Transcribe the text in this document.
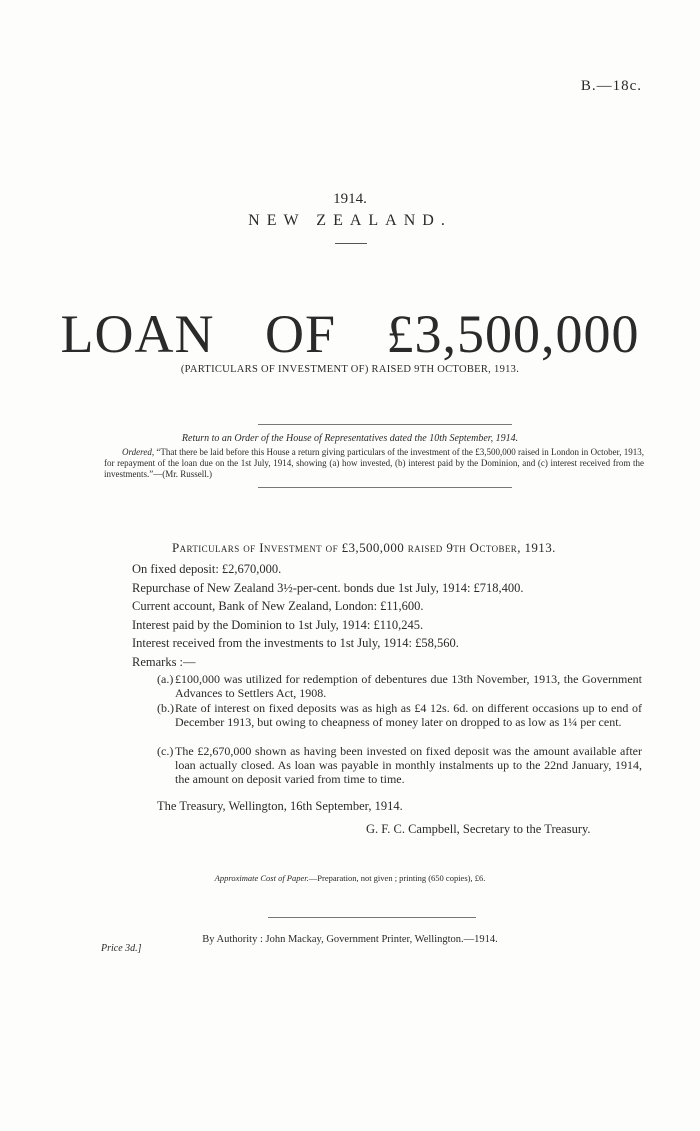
B.—18c.
1914.
NEW ZEALAND.
LOAN OF £3,500,000
(PARTICULARS OF INVESTMENT OF) RAISED 9TH OCTOBER, 1913.
Return to an Order of the House of Representatives dated the 10th September, 1914.
Ordered, “That there be laid before this House a return giving particulars of the investment of the £3,500,000 raised in London in October, 1913, for repayment of the loan due on the 1st July, 1914, showing (a) how invested, (b) interest paid by the Dominion, and (c) interest received from the investments.”—(Mr. Russell.)
Particulars of Investment of £3,500,000 raised 9th October, 1913.
On fixed deposit: £2,670,000.
Repurchase of New Zealand 3½-per-cent. bonds due 1st July, 1914: £718,400.
Current account, Bank of New Zealand, London: £11,600.
Interest paid by the Dominion to 1st July, 1914: £110,245.
Interest received from the investments to 1st July, 1914: £58,560.
Remarks :—
(a.) £100,000 was utilized for redemption of debentures due 13th November, 1913, the Government Advances to Settlers Act, 1908.
(b.) Rate of interest on fixed deposits was as high as £4 12s. 6d. on different occasions up to end of December 1913, but owing to cheapness of money later on dropped to as low as 1¼ per cent.
(c.) The £2,670,000 shown as having been invested on fixed deposit was the amount available after loan actually closed. As loan was payable in monthly instalments up to the 22nd January, 1914, the amount on deposit varied from time to time.
The Treasury, Wellington, 16th September, 1914.
G. F. C. Campbell, Secretary to the Treasury.
Approximate Cost of Paper.—Preparation, not given ; printing (650 copies), £6.
By Authority : John Mackay, Government Printer, Wellington.—1914.
Price 3d.]
